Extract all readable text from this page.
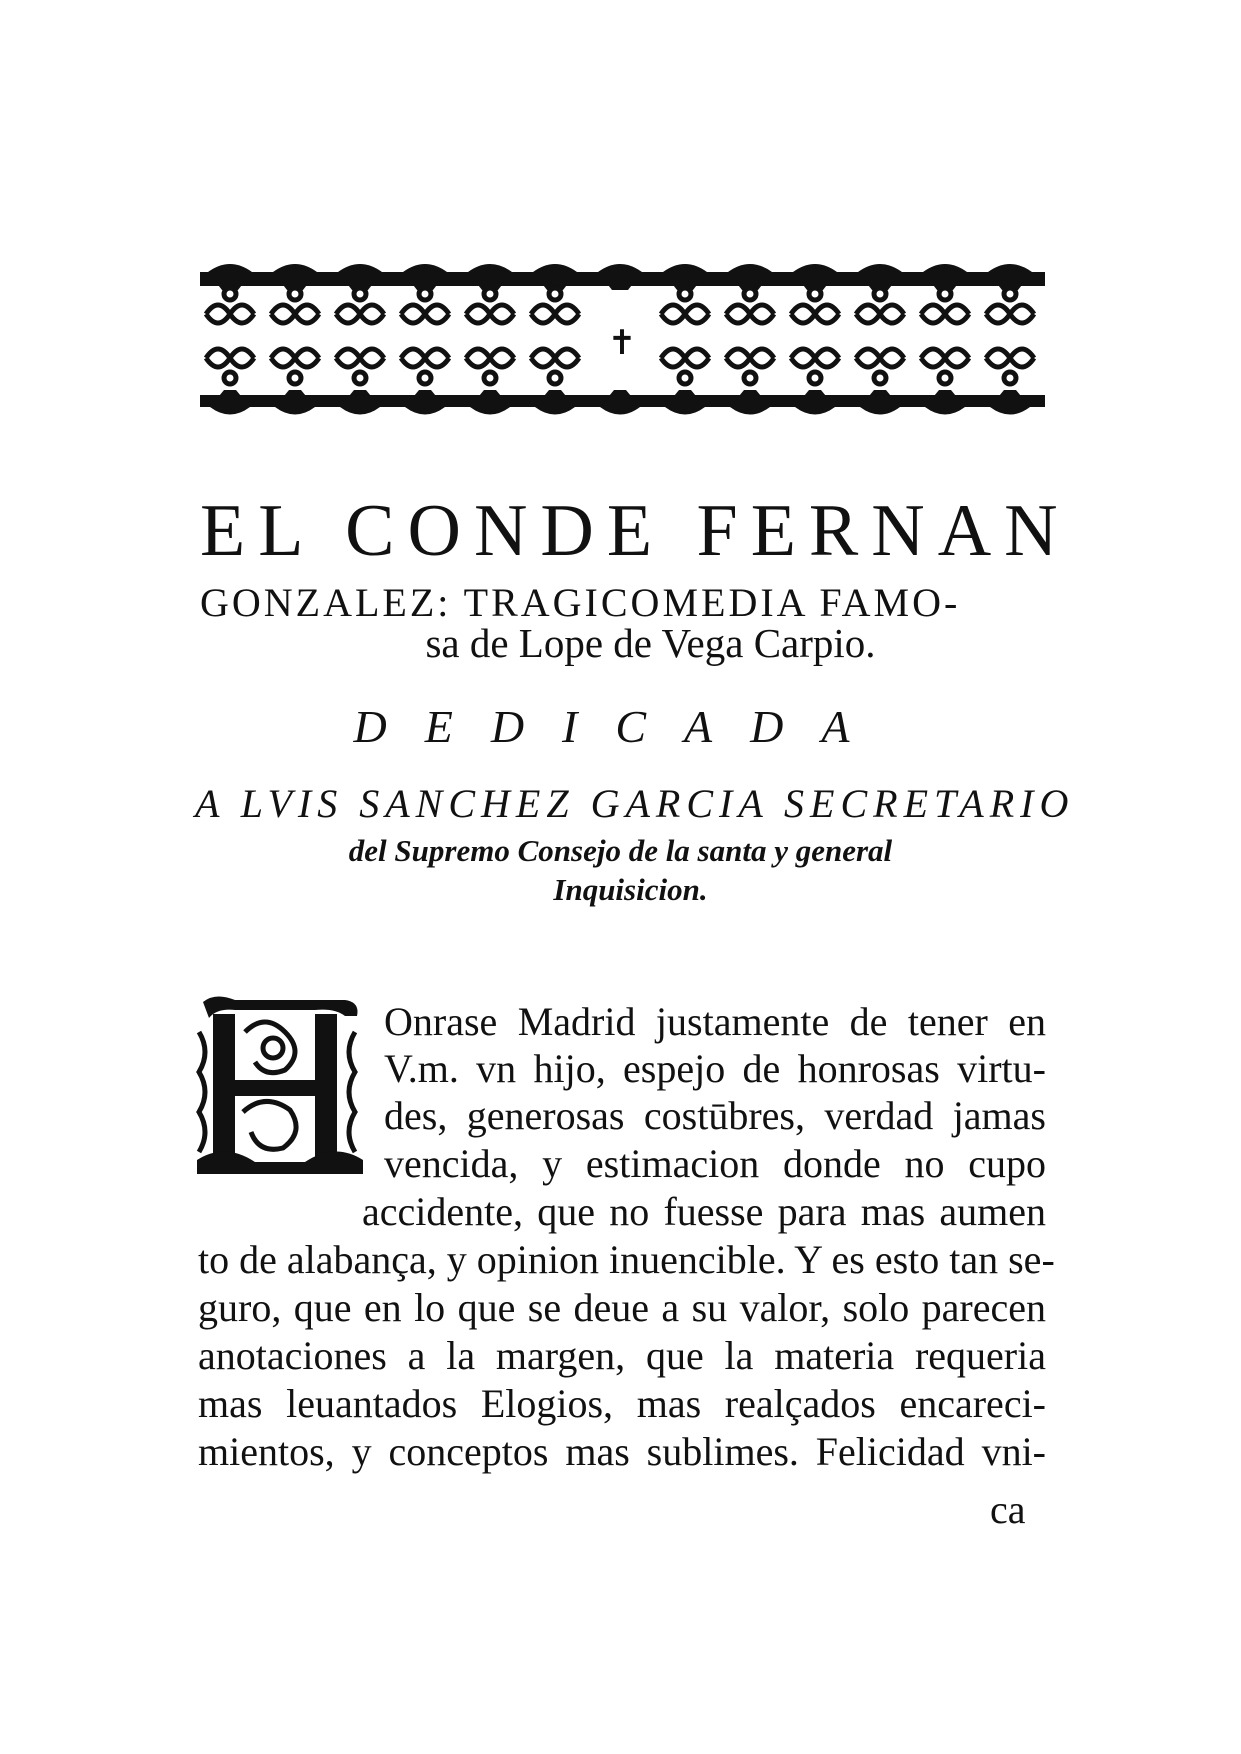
✝
EL CONDE FERNAN
GONZALEZ: TRAGICOMEDIA FAMO-
sa de Lope de Vega Carpio.
DEDICADA
A LVIS SANCHEZ GARCIA SECRETARIO
del Supremo Consejo de la santa y general
Inquisicion.
H
Onrase Madrid justamente de tener en
V.m. vn hijo, espejo de honrosas virtu-
des, generosas costūbres, verdad jamas
vencida, y estimacion donde no cupo
accidente, que no fuesse para mas aumen
to de alabança, y opinion inuencible. Y es esto tan se-
guro, que en lo que se deue a su valor, solo parecen
anotaciones a la margen, que la materia requeria
mas leuantados Elogios, mas realçados encareci-
mientos, y conceptos mas sublimes. Felicidad vni-
ca
